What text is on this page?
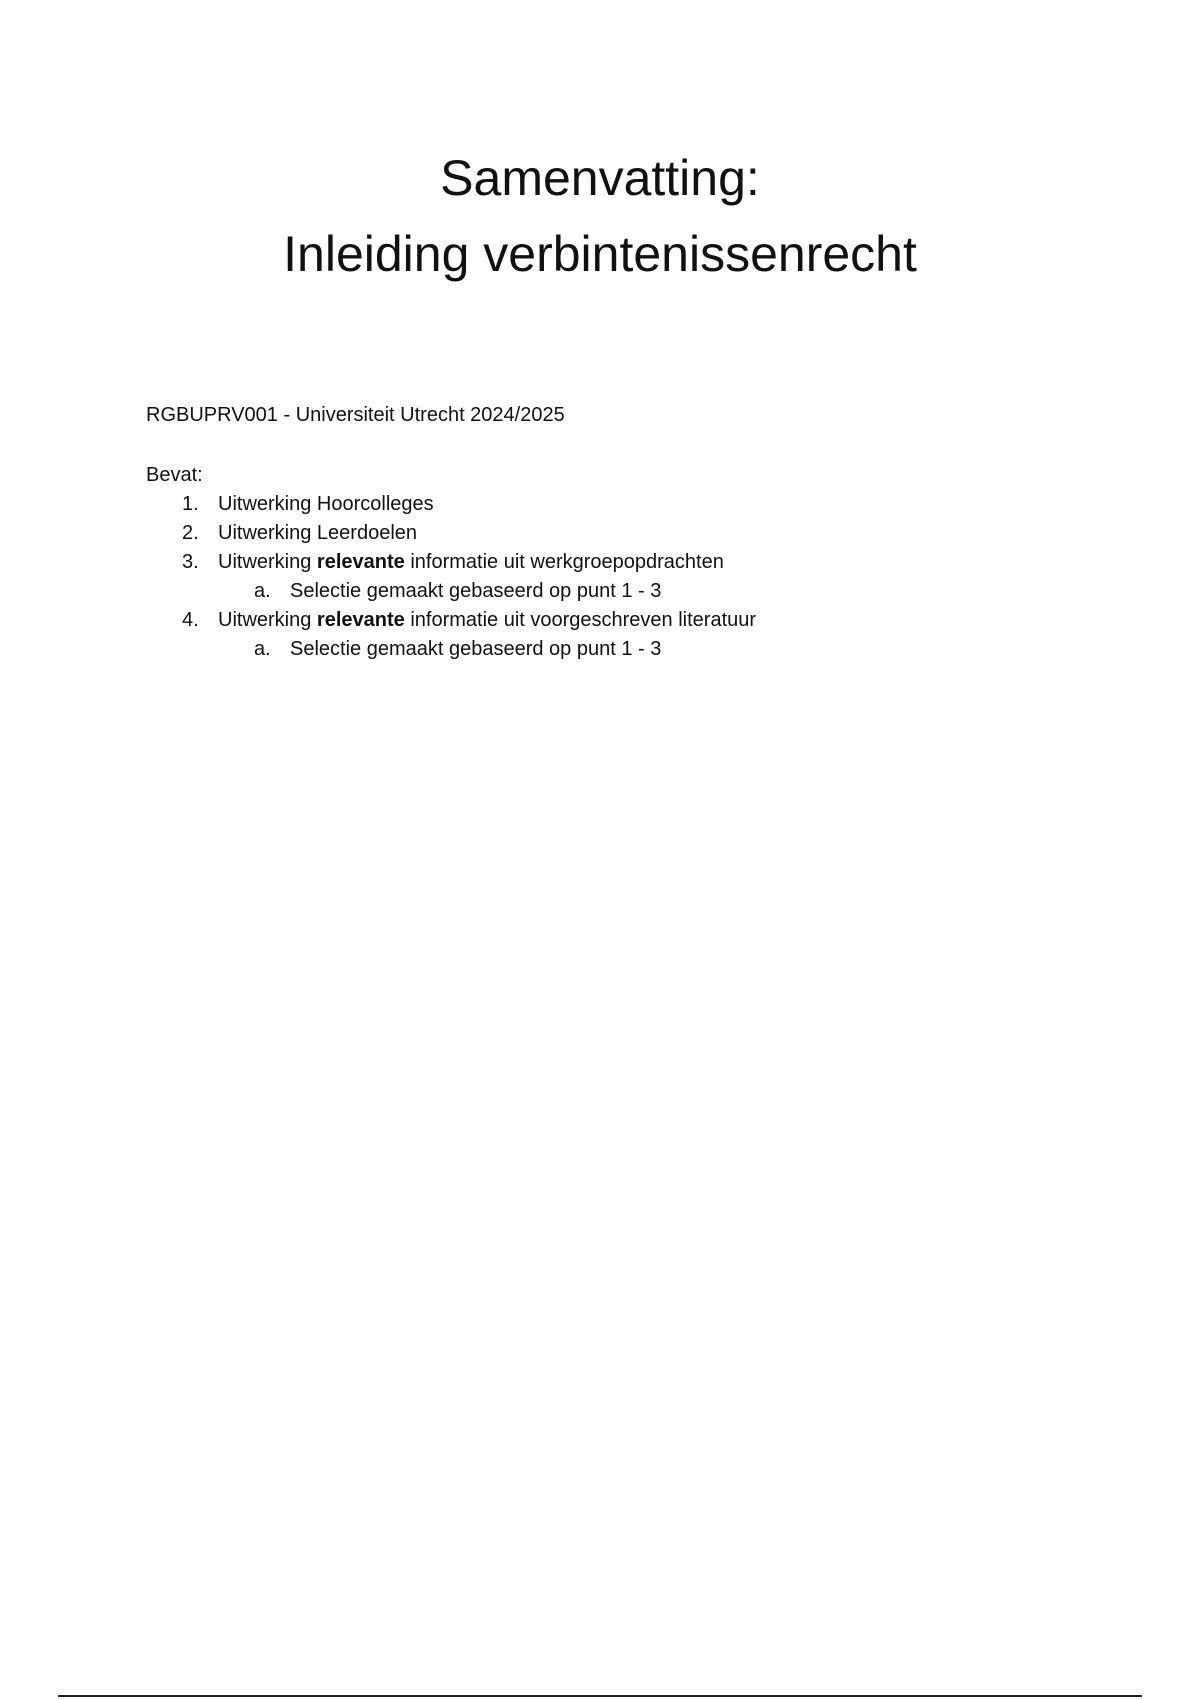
Samenvatting:
Inleiding verbintenissenrecht

RGBUPRV001 - Universiteit Utrecht 2024/2025

Bevat:
1. Uitwerking Hoorcolleges
2. Uitwerking Leerdoelen
3. Uitwerking relevante informatie uit werkgroepopdrachten
a. Selectie gemaakt gebaseerd op punt 1 - 3
4. Uitwerking relevante informatie uit voorgeschreven literatuur
a. Selectie gemaakt gebaseerd op punt 1 - 3
